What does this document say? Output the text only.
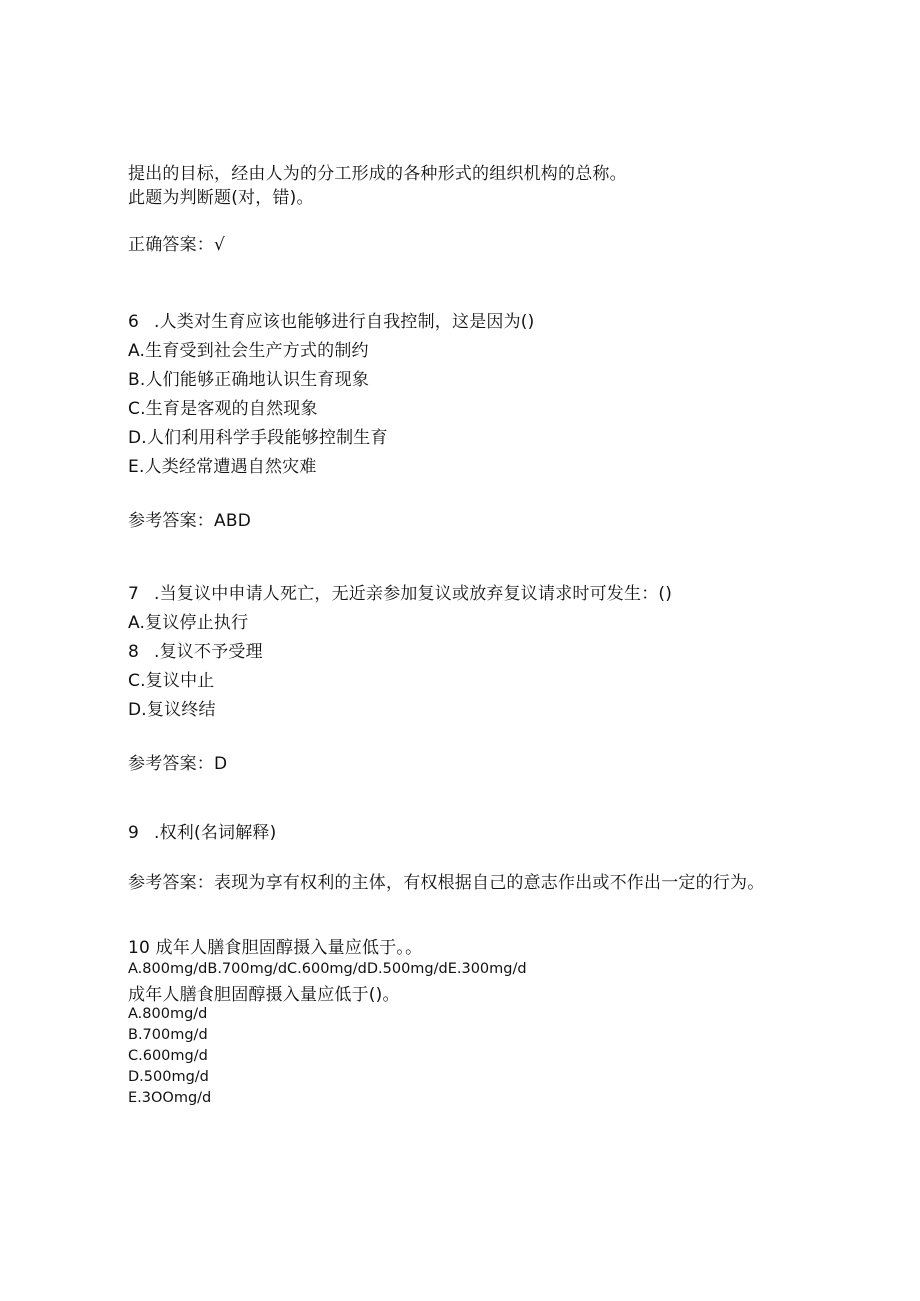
提出的目标，经由人为的分工形成的各种形式的组织机构的总称。
此题为判断题(对，错)。
正确答案：√
6 .人类对生育应该也能够进行自我控制，这是因为()
A.生育受到社会生产方式的制约
B.人们能够正确地认识生育现象
C.生育是客观的自然现象
D.人们利用科学手段能够控制生育
E.人类经常遭遇自然灾难
参考答案：ABD
7 .当复议中申请人死亡，无近亲参加复议或放弃复议请求时可发生：()
A.复议停止执行
8 .复议不予受理
C.复议中止
D.复议终结
参考答案：D
9 .权利(名词解释)
参考答案：表现为享有权利的主体，有权根据自己的意志作出或不作出一定的行为。
10 成年人膳食胆固醇摄入量应低于。。
A.800mg/dB.700mg/dC.600mg/dD.500mg/dE.300mg/d
成年人膳食胆固醇摄入量应低于()。
A.800mg/d
B.700mg/d
C.600mg/d
D.500mg/d
E.3OOmg/d
